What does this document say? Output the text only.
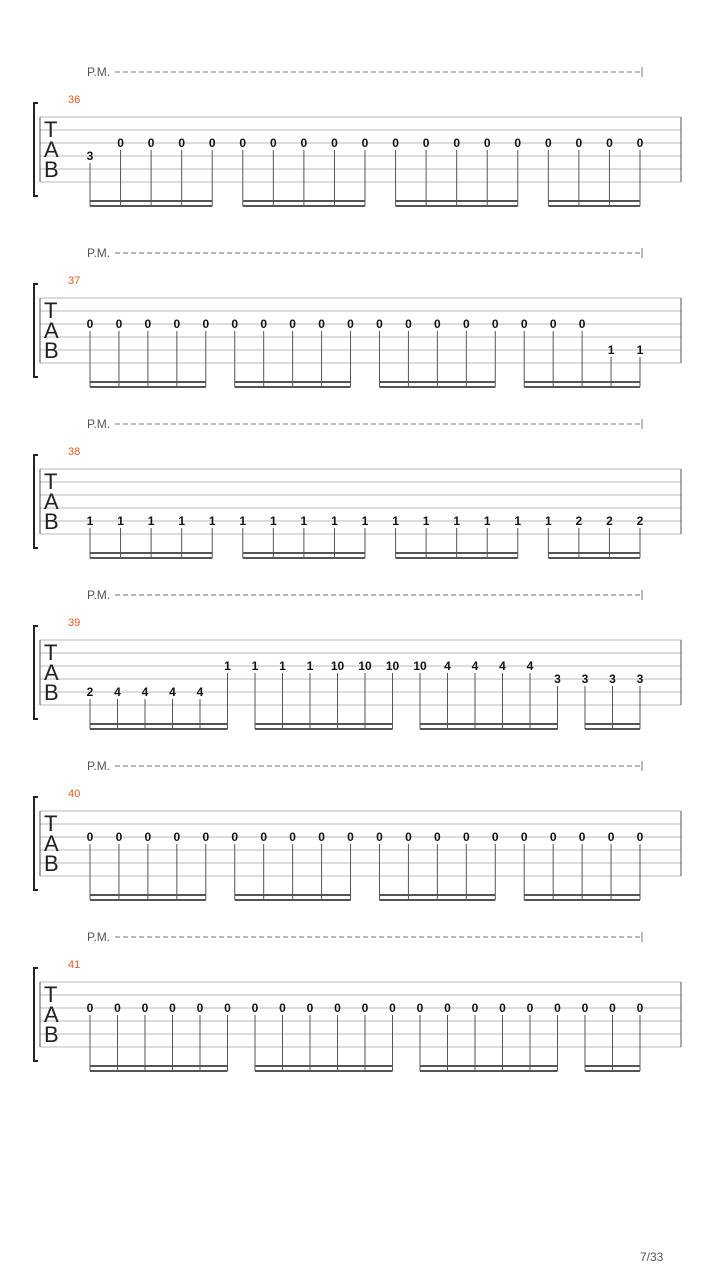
P.M.
36
T
A
B
3
0 0 0 0 0 0 0 0 0 0 0 0 0 0 0 0 0 0
P.M.
37
T
A
B
0 0 0 0 0 0 0 0 0 0 0 0 0 0 0 0 0 0
1 1
P.M.
38
T
A
B 1 1 1 1 1 1 1 1 1 1 1 1 1 1 1 1 2 2 2
P.M.
39
T
A
B 2 4 4 4 4
1 1 1 1 10 10 10 10 4 4 4 4
3 3 3 3
P.M.
40
T
A
B
0 0 0 0 0 0 0 0 0 0 0 0 0 0 0 0 0 0 0 0
P.M.
41
T
A
B
0 0 0 0 0 0 0 0 0 0 0 0 0 0 0 0 0 0 0 0 0
7/33
